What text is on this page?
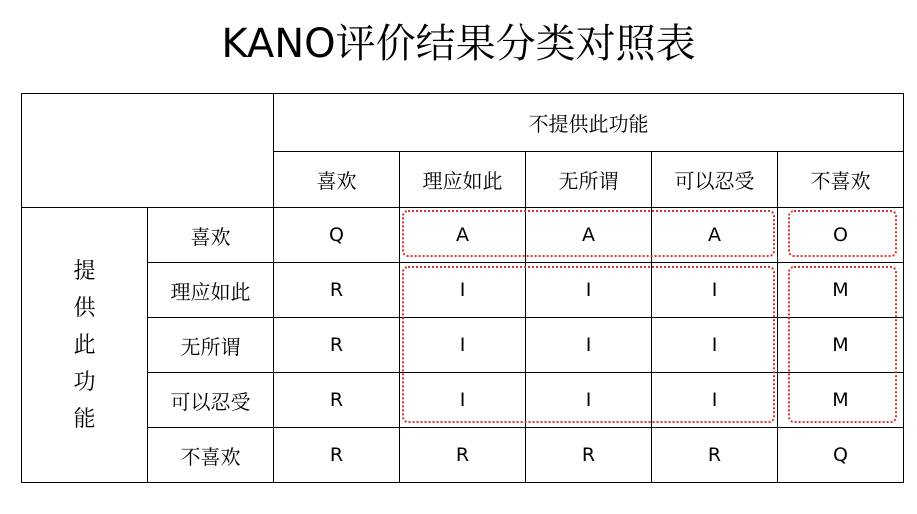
KANO评价结果分类对照表
		不提供此功能				
		喜欢	理应如此	无所谓	可以忍受	不喜欢
提供此功能	喜欢	Q	A	A	A	O
	理应如此	R	I	I	I	M
	无所谓	R	I	I	I	M
	可以忍受	R	I	I	I	M
	不喜欢	R	R	R	R	Q
